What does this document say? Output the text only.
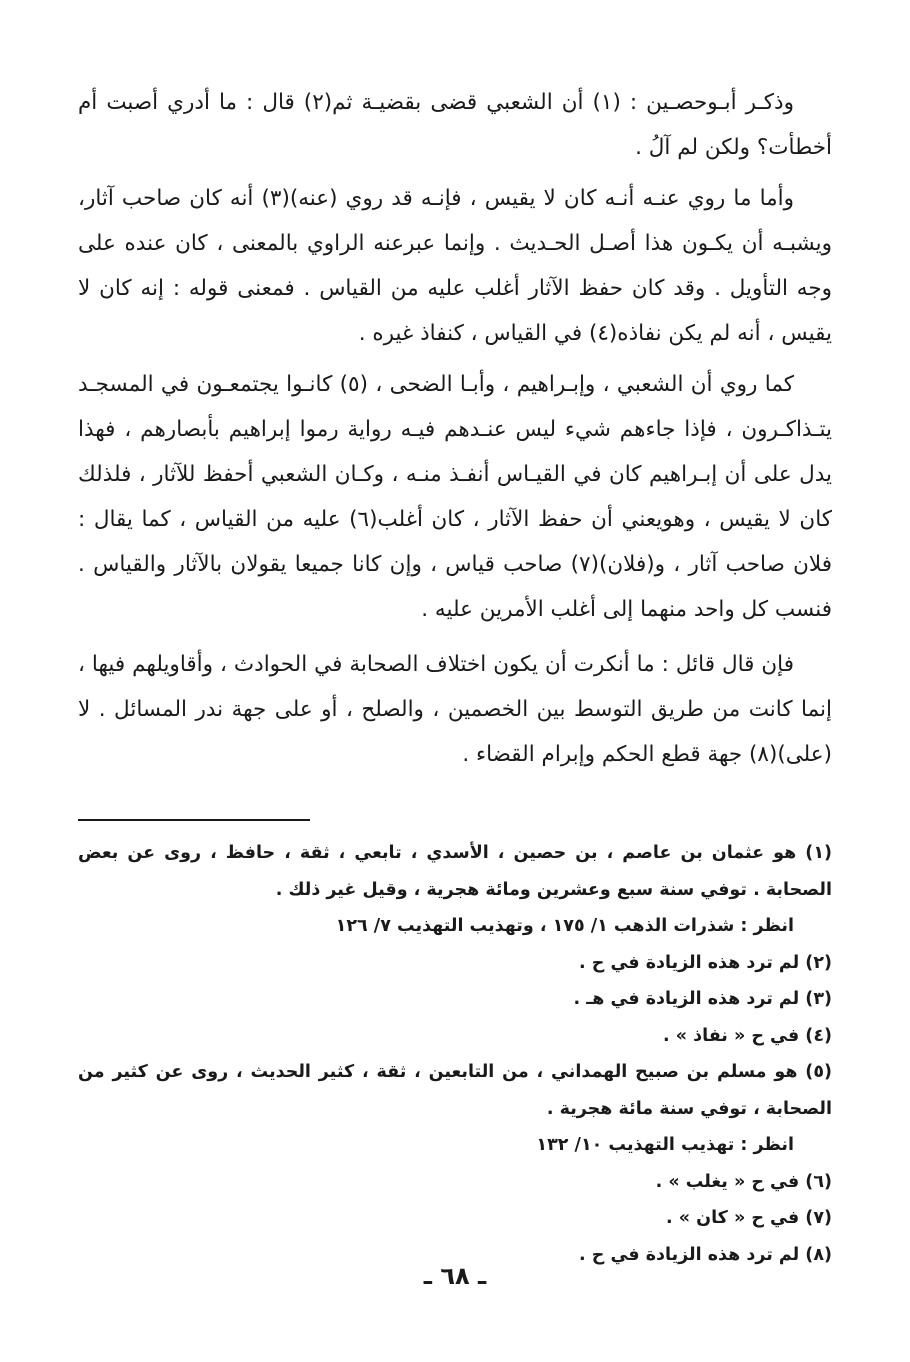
وذكـر أبـوحصـين : (١) أن الشعبي قضى بقضيـة ثم(٢) قال : ما أدري أصبت أم أخطأت؟ ولكن لم آلُ .

وأما ما روي عنـه أنـه كان لا يقيس ، فإنـه قد روي (عنه)(٣) أنه كان صاحب آثار، ويشبـه أن يكـون هذا أصـل الحـديث . وإنما عبرعنه الراوي بالمعنى ، كان عنده على وجه التأويل . وقد كان حفظ الآثار أغلب عليه من القياس . فمعنى قوله : إنه كان لا يقيس ، أنه لم يكن نفاذه(٤) في القياس ، كنفاذ غيره .

كما روي أن الشعبي ، وإبـراهيم ، وأبـا الضحى ، (٥) كانـوا يجتمعـون في المسجـد يتـذاكـرون ، فإذا جاءهم شيء ليس عنـدهم فيـه رواية رموا إبراهيم بأبصارهم ، فهذا يدل على أن إبـراهيم كان في القيـاس أنفـذ منـه ، وكـان الشعبي أحفظ للآثار ، فلذلك كان لا يقيس ، وهويعني أن حفظ الآثار ، كان أغلب(٦) عليه من القياس ، كما يقال : فلان صاحب آثار ، و(فلان)(٧) صاحب قياس ، وإن كانا جميعا يقولان بالآثار والقياس . فنسب كل واحد منهما إلى أغلب الأمرين عليه .

فإن قال قائل : ما أنكرت أن يكون اختلاف الصحابة في الحوادث ، وأقاويلهم فيها ، إنما كانت من طريق التوسط بين الخصمين ، والصلح ، أو على جهة ندر المسائل . لا (على)(٨) جهة قطع الحكم وإبرام القضاء .

(١) هو عثمان بن عاصم ، بن حصين ، الأسدي ، تابعي ، ثقة ، حافظ ، روى عن بعض الصحابة . توفي سنة سبع وعشرين ومائة هجرية ، وقيل غير ذلك .

انظر : شذرات الذهب ١/ ١٧٥ ، وتهذيب التهذيب ٧/ ١٢٦

(٢) لم ترد هذه الزيادة في ح .

(٣) لم ترد هذه الزيادة في هـ .

(٤) في ح « نفاذ » .

(٥) هو مسلم بن صبيح الهمداني ، من التابعين ، ثقة ، كثير الحديث ، روى عن كثير من الصحابة ، توفي سنة مائة هجرية .

انظر : تهذيب التهذيب ١٠/ ١٣٢

(٦) في ح « يغلب » .

(٧) في ح « كان » .

(٨) لم ترد هذه الزيادة في ح .

ـ ٦٨ ـ
